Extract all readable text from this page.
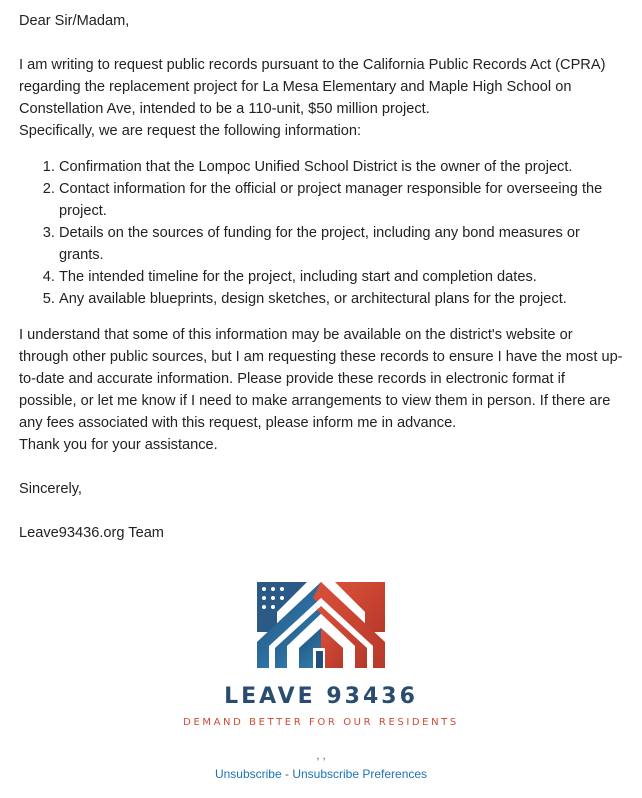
Dear Sir/Madam,

I am writing to request public records pursuant to the California Public Records Act (CPRA) regarding the replacement project for La Mesa Elementary and Maple High School on Constellation Ave, intended to be a 110-unit, $50 million project.

Specifically, we are request the following information:

1. Confirmation that the Lompoc Unified School District is the owner of the project.
2. Contact information for the official or project manager responsible for overseeing the project.
3. Details on the sources of funding for the project, including any bond measures or grants.
4. The intended timeline for the project, including start and completion dates.
5. Any available blueprints, design sketches, or architectural plans for the project.

I understand that some of this information may be available on the district's website or through other public sources, but I am requesting these records to ensure I have the most up-to-date and accurate information. Please provide these records in electronic format if possible, or let me know if I need to make arrangements to view them in person. If there are any fees associated with this request, please inform me in advance.

Thank you for your assistance.

Sincerely,

Leave93436.org Team

LEAVE 93436
DEMAND BETTER FOR OUR RESIDENTS
, ,
Unsubscribe - Unsubscribe Preferences
